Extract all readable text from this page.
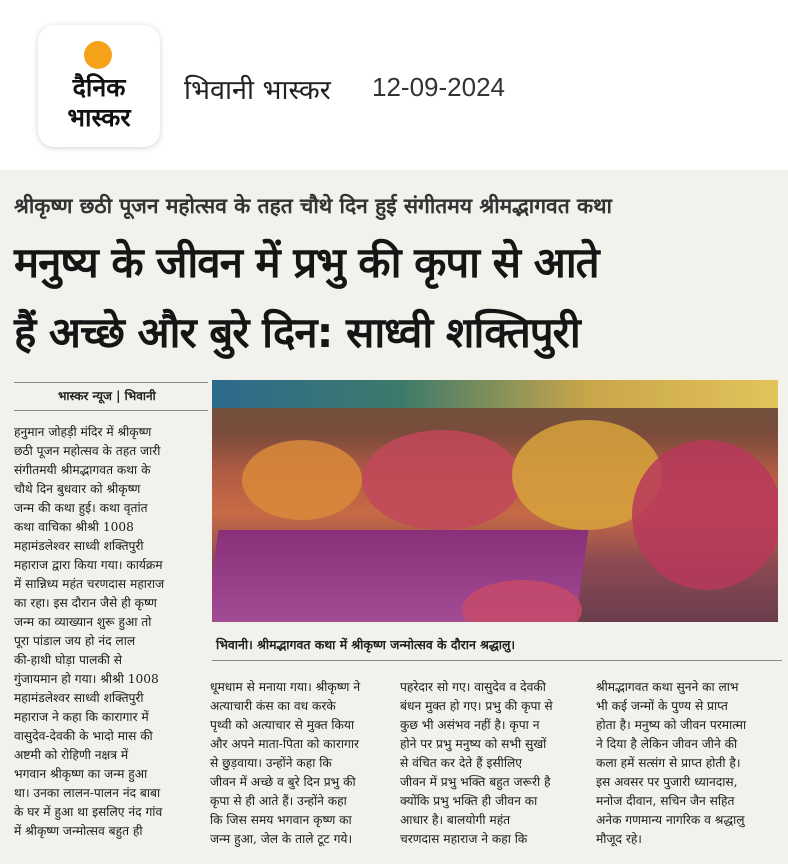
दैनिक
भास्कर
भिवानी भास्कर 12-09-2024
श्रीकृष्ण छठी पूजन महोत्सव के तहत चौथे दिन हुई संगीतमय श्रीमद्भागवत कथा
मनुष्य के जीवन में प्रभु की कृपा से आते
हैं अच्छे और बुरे दिन: साध्वी शक्तिपुरी
भास्कर न्यूज | भिवानी
भिवानी। श्रीमद्भागवत कथा में श्रीकृष्ण जन्मोत्सव के दौरान श्रद्धालु।

हनुमान जोहड़ी मंदिर में श्रीकृष्ण

छठी पूजन महोत्सव के तहत जारी

संगीतमयी श्रीमद्भागवत कथा के

चौथे दिन बुधवार को श्रीकृष्ण

जन्म की कथा हुई। कथा वृतांत

कथा वाचिका श्रीश्री 1008

महामंडलेश्वर साध्वी शक्तिपुरी

महाराज द्वारा किया गया। कार्यक्रम

में सान्निध्य महंत चरणदास महाराज

का रहा। इस दौरान जैसे ही कृष्ण

जन्म का व्याख्यान शुरू हुआ तो

पूरा पांडाल जय हो नंद लाल

की-हाथी घोड़ा पालकी से

गुंजायमान हो गया। श्रीश्री 1008

महामंडलेश्वर साध्वी शक्तिपुरी

महाराज ने कहा कि कारागार में

वासुदेव-देवकी के भादो मास की

अष्टमी को रोहिणी नक्षत्र में

भगवान श्रीकृष्ण का जन्म हुआ

था। उनका लालन-पालन नंद बाबा

के घर में हुआ था इसलिए नंद गांव

में श्रीकृष्ण जन्मोत्सव बहुत ही

धूमधाम से मनाया गया। श्रीकृष्ण ने

अत्याचारी कंस का वध करके

पृथ्वी को अत्याचार से मुक्त किया

और अपने माता-पिता को कारागार

से छुड़वाया। उन्होंने कहा कि

जीवन में अच्छे व बुरे दिन प्रभु की

कृपा से ही आते हैं। उन्होंने कहा

कि जिस समय भगवान कृष्ण का

जन्म हुआ, जेल के ताले टूट गये।

पहरेदार सो गए। वासुदेव व देवकी

बंधन मुक्त हो गए। प्रभु की कृपा से

कुछ भी असंभव नहीं है। कृपा न

होने पर प्रभु मनुष्य को सभी सुखों

से वंचित कर देते हैं इसीलिए

जीवन में प्रभु भक्ति बहुत जरूरी है

क्योंकि प्रभु भक्ति ही जीवन का

आधार है। बालयोगी महंत

चरणदास महाराज ने कहा कि

श्रीमद्भागवत कथा सुनने का लाभ

भी कई जन्मों के पुण्य से प्राप्त

होता है। मनुष्य को जीवन परमात्मा

ने दिया है लेकिन जीवन जीने की

कला हमें सत्संग से प्राप्त होती है।

इस अवसर पर पुजारी ध्यानदास,

मनोज दीवान, सचिन जैन सहित

अनेक गणमान्य नागरिक व श्रद्धालु

मौजूद रहे।
